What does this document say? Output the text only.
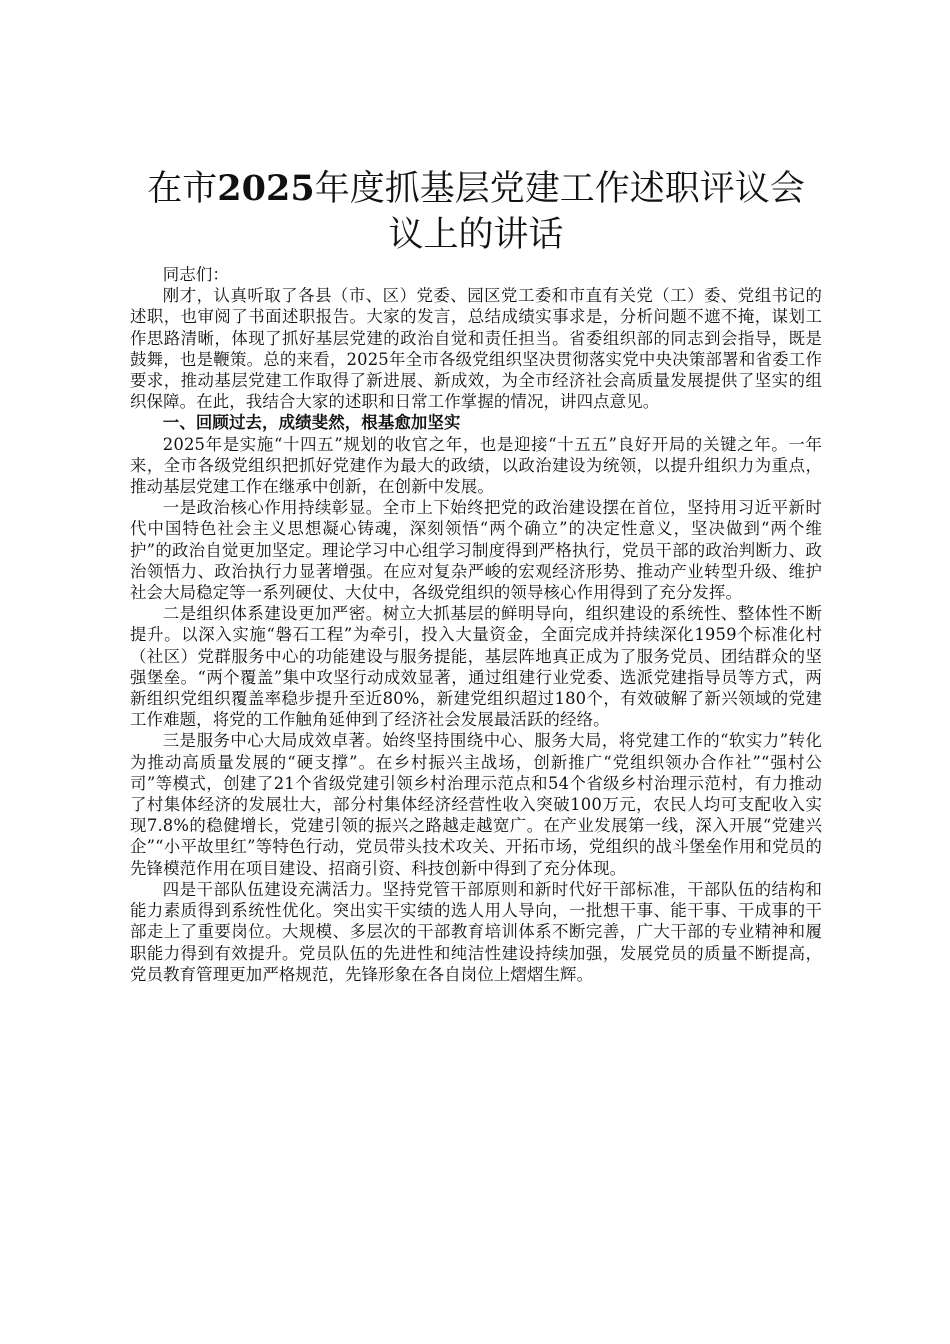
在市2025年度抓基层党建工作述职评议会议上的讲话

同志们：

刚才，认真听取了各县（市、区）党委、园区党工委和市直有关党（工）委、党组书记的述职，也审阅了书面述职报告。大家的发言，总结成绩实事求是，分析问题不遮不掩，谋划工作思路清晰，体现了抓好基层党建的政治自觉和责任担当。省委组织部的同志到会指导，既是鼓舞，也是鞭策。总的来看，2025年全市各级党组织坚决贯彻落实党中央决策部署和省委工作要求，推动基层党建工作取得了新进展、新成效，为全市经济社会高质量发展提供了坚实的组织保障。在此，我结合大家的述职和日常工作掌握的情况，讲四点意见。

一、回顾过去，成绩斐然，根基愈加坚实

2025年是实施“十四五”规划的收官之年，也是迎接“十五五”良好开局的关键之年。一年来，全市各级党组织把抓好党建作为最大的政绩，以政治建设为统领，以提升组织力为重点，推动基层党建工作在继承中创新，在创新中发展。

一是政治核心作用持续彰显。全市上下始终把党的政治建设摆在首位，坚持用习近平新时代中国特色社会主义思想凝心铸魂，深刻领悟“两个确立”的决定性意义，坚决做到“两个维护”的政治自觉更加坚定。理论学习中心组学习制度得到严格执行，党员干部的政治判断力、政治领悟力、政治执行力显著增强。在应对复杂严峻的宏观经济形势、推动产业转型升级、维护社会大局稳定等一系列硬仗、大仗中，各级党组织的领导核心作用得到了充分发挥。

二是组织体系建设更加严密。树立大抓基层的鲜明导向，组织建设的系统性、整体性不断提升。以深入实施“磐石工程”为牵引，投入大量资金，全面完成并持续深化1959个标准化村（社区）党群服务中心的功能建设与服务提能，基层阵地真正成为了服务党员、团结群众的坚强堡垒。“两个覆盖”集中攻坚行动成效显著，通过组建行业党委、选派党建指导员等方式，两新组织党组织覆盖率稳步提升至近80%，新建党组织超过180个，有效破解了新兴领域的党建工作难题，将党的工作触角延伸到了经济社会发展最活跃的经络。

三是服务中心大局成效卓著。始终坚持围绕中心、服务大局，将党建工作的“软实力”转化为推动高质量发展的“硬支撑”。在乡村振兴主战场，创新推广“党组织领办合作社”“强村公司”等模式，创建了21个省级党建引领乡村治理示范点和54个省级乡村治理示范村，有力推动了村集体经济的发展壮大，部分村集体经济经营性收入突破100万元，农民人均可支配收入实现7.8%的稳健增长，党建引领的振兴之路越走越宽广。在产业发展第一线，深入开展“党建兴企”“小平故里红”等特色行动，党员带头技术攻关、开拓市场，党组织的战斗堡垒作用和党员的先锋模范作用在项目建设、招商引资、科技创新中得到了充分体现。

四是干部队伍建设充满活力。坚持党管干部原则和新时代好干部标准，干部队伍的结构和能力素质得到系统性优化。突出实干实绩的选人用人导向，一批想干事、能干事、干成事的干部走上了重要岗位。大规模、多层次的干部教育培训体系不断完善，广大干部的专业精神和履职能力得到有效提升。党员队伍的先进性和纯洁性建设持续加强，发展党员的质量不断提高，党员教育管理更加严格规范，先锋形象在各自岗位上熠熠生辉。
